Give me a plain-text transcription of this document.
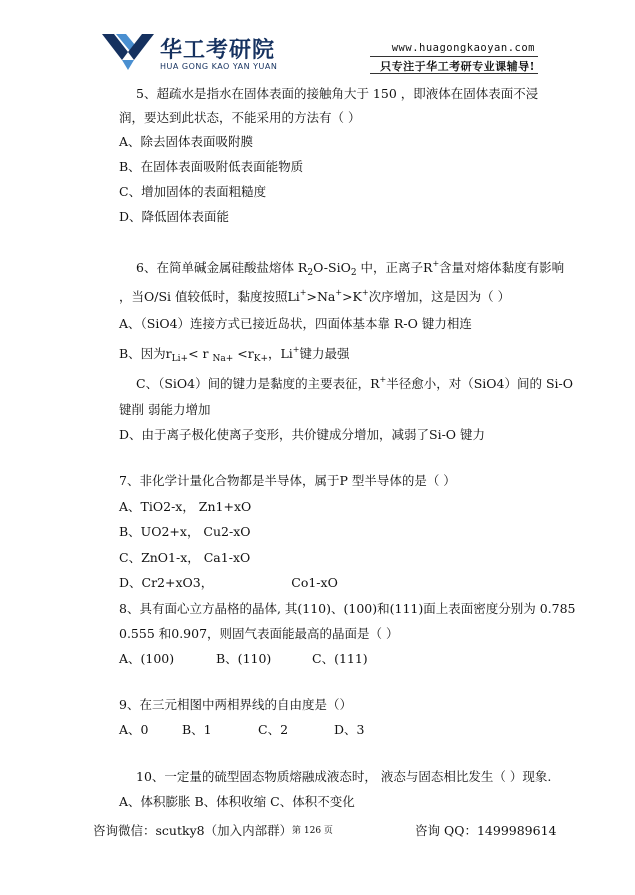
华工考研院
HUA GONG KAO YAN YUAN
www.huagongkaoyan.com
只专注于华工考研专业课辅导!
5、超疏水是指水在固体表面的接触角大于 150 ，即液体在固体表面不浸
润，要达到此状态，不能采用的方法有（ ）
A、除去固体表面吸附膜
B、在固体表面吸附低表面能物质
C、增加固体的表面粗糙度
D、降低固体表面能
6、在简单碱金属硅酸盐熔体 $R_2O-SiO_2$ 中，正离子R+含量对熔体黏度有影响
，当O/Si 值较低时，黏度按照Li+>Na+>K+次序增加，这是因为（ ）
A、（SiO4）连接方式已接近岛状，四面体基本靠 R-O 键力相连
B、因为$r_{Li+}< r$ $_{Na+} <r_{K+}$，Li+键力最强
C、（SiO4）间的键力是黏度的主要表征，R+半径愈小，对（SiO4）间的 Si-O
键削 弱能力增加
D、由于离子极化使离子变形，共价键成分增加，减弱了Si-O 键力
7、非化学计量化合物都是半导体，属于P 型半导体的是（ ）
A、TiO2-x， Zn1+xO
B、UO2+x， Cu2-xO
C、ZnO1-x， Ca1-xO
D、Cr2+xO3，	Co1-xO
8、具有面心立方晶格的晶体, 其(110)、(100)和(111)面上表面密度分别为 0.785
0.555 和0.907，则固气表面能最高的晶面是（ ）
A、(100)	B、(110)	C、(111)
9、在三元相图中两相界线的自由度是（）
A、0	B、1	C、2	D、3
10、一定量的硫型固态物质熔融成液态时， 液态与固态相比发生（ ）现象.
A、体积膨胀 B、体积收缩 C、体积不变化
咨询微信：scutky8（加入内部群） 第 126 页	咨询 QQ：1499989614
